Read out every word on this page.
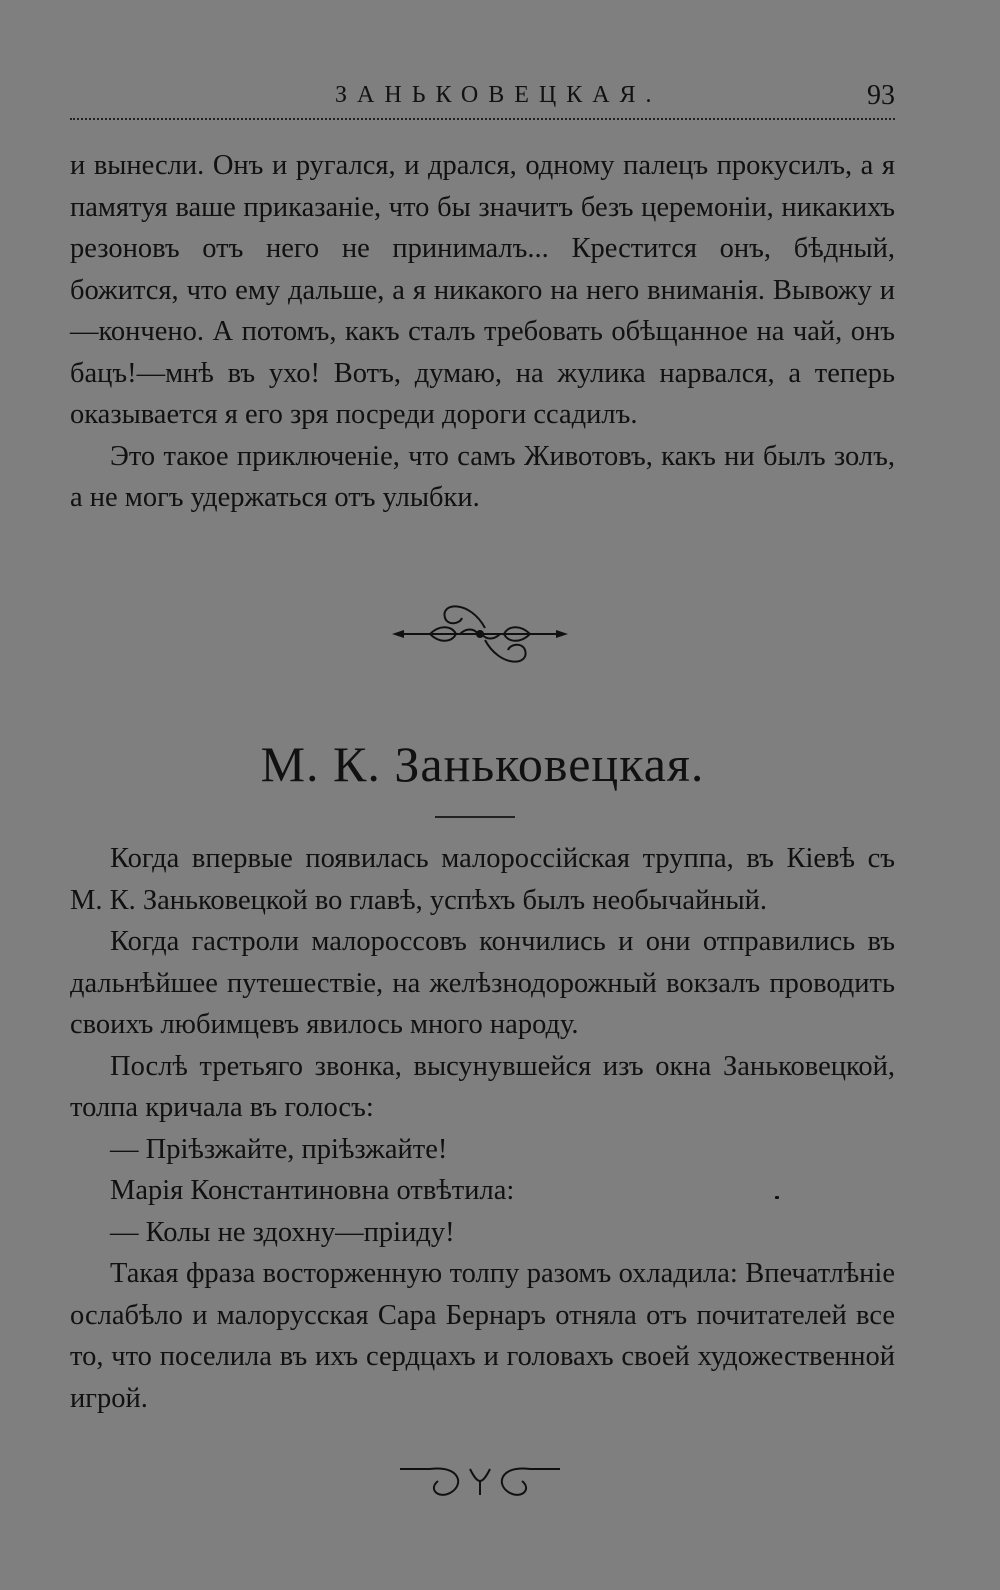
ЗАНЬКОВЕЦКАЯ.	93

и вынесли. Онъ и ругался, и дрался, одному палецъ прокусилъ, а я памятуя ваше приказаніе, что бы значитъ безъ церемоніи, никакихъ резоновъ отъ него не принималъ... Крестится онъ, бѣдный, божится, что ему дальше, а я никакого на него вниманія. Вывожу и—кончено. А потомъ, какъ сталъ требовать обѣщанное на чай, онъ бацъ!—мнѣ въ ухо! Вотъ, думаю, на жулика нарвался, а теперь оказывается я его зря посреди дороги ссадилъ.

Это такое приключеніе, что самъ Животовъ, какъ ни былъ золъ, а не могъ удержаться отъ улыбки.

М. К. Заньковецкая.

Когда впервые появилась малороссійская труппа, въ Кіевѣ съ М. К. Заньковецкой во главѣ, успѣхъ былъ необычайный.

Когда гастроли малороссовъ кончились и они отправились въ дальнѣйшее путешествіе, на желѣзнодорожный вокзалъ проводить своихъ любимцевъ явилось много народу.

Послѣ третьяго звонка, высунувшейся изъ окна Заньковецкой, толпа кричала въ голосъ:

— Пріѣзжайте, пріѣзжайте!

Марія Константиновна отвѣтила:

— Колы не здохну—пріиду!

Такая фраза восторженную толпу разомъ охладила: Впечатлѣніе ослабѣло и малорусская Сара Бернаръ отняла отъ почитателей все то, что поселила въ ихъ сердцахъ и головахъ своей художественной игрой.
